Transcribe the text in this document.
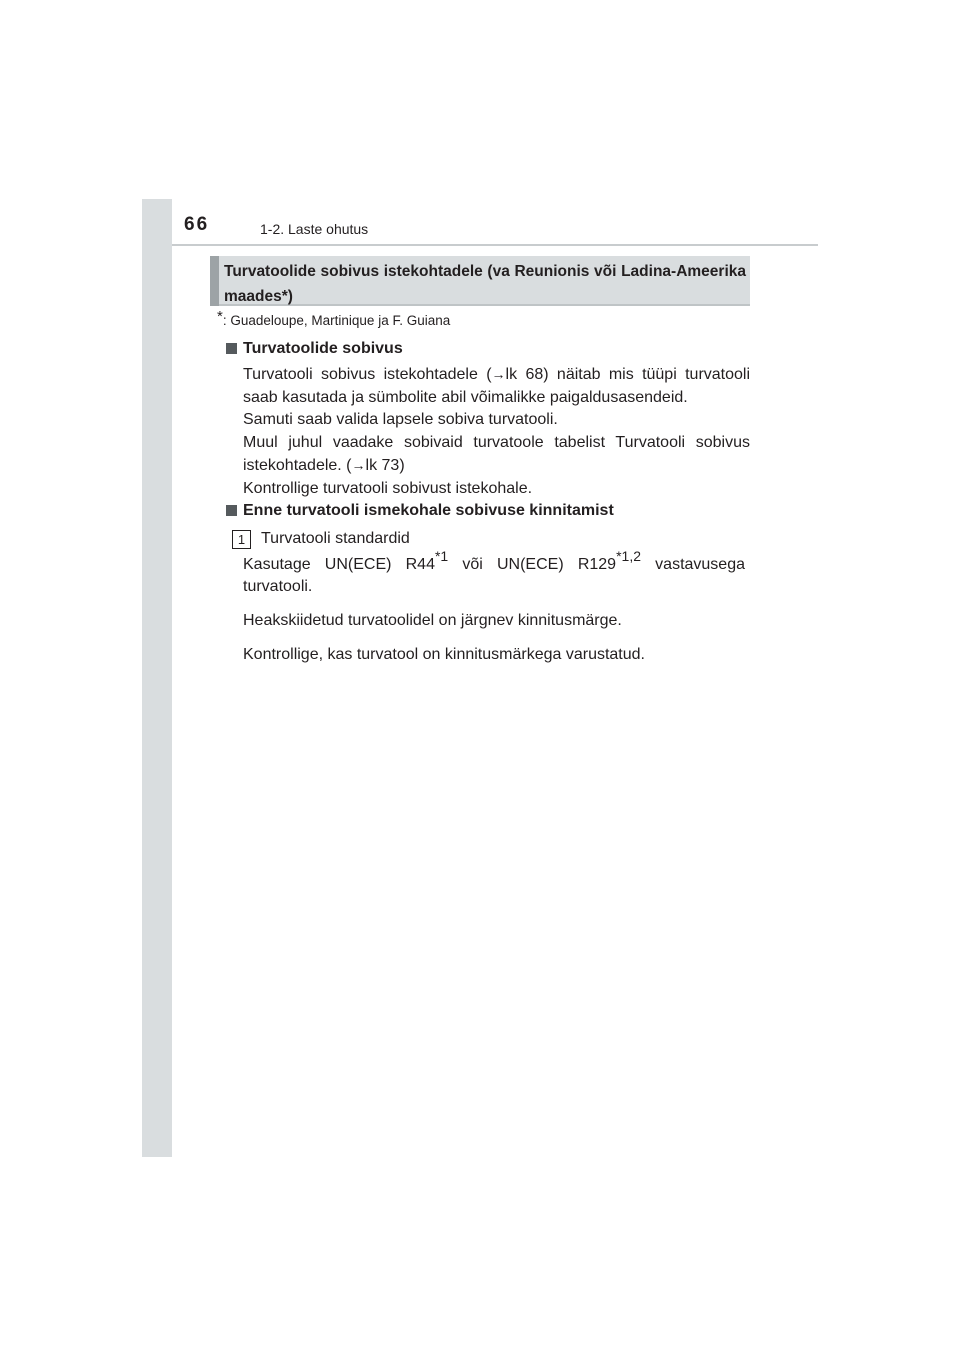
66	1-2. Laste ohutus
Turvatoolide sobivus istekohtadele (va Reunionis või Ladina-Ameerika maades*)
*: Guadeloupe, Martinique ja F. Guiana
Turvatoolide sobivus

Turvatooli sobivus istekohtadele (→lk 68) näitab mis tüüpi turvatooli saab kasutada ja sümbolite abil võimalikke paigaldusasendeid.

Samuti saab valida lapsele sobiva turvatooli.

Muul juhul vaadake sobivaid turvatoole tabelist Turvatooli sobivus istekohtadele. (→lk 73)

Kontrollige turvatooli sobivust istekohale.

Enne turvatooli ismekohale sobivuse kinnitamist
1 Turvatooli standardid

Kasutage UN(ECE) R44*1 või UN(ECE) R129*1,2 vastavusega

turvatooli.

Heakskiidetud turvatoolidel on järgnev kinnitusmärge.

Kontrollige, kas turvatool on kinnitusmärkega varustatud.
